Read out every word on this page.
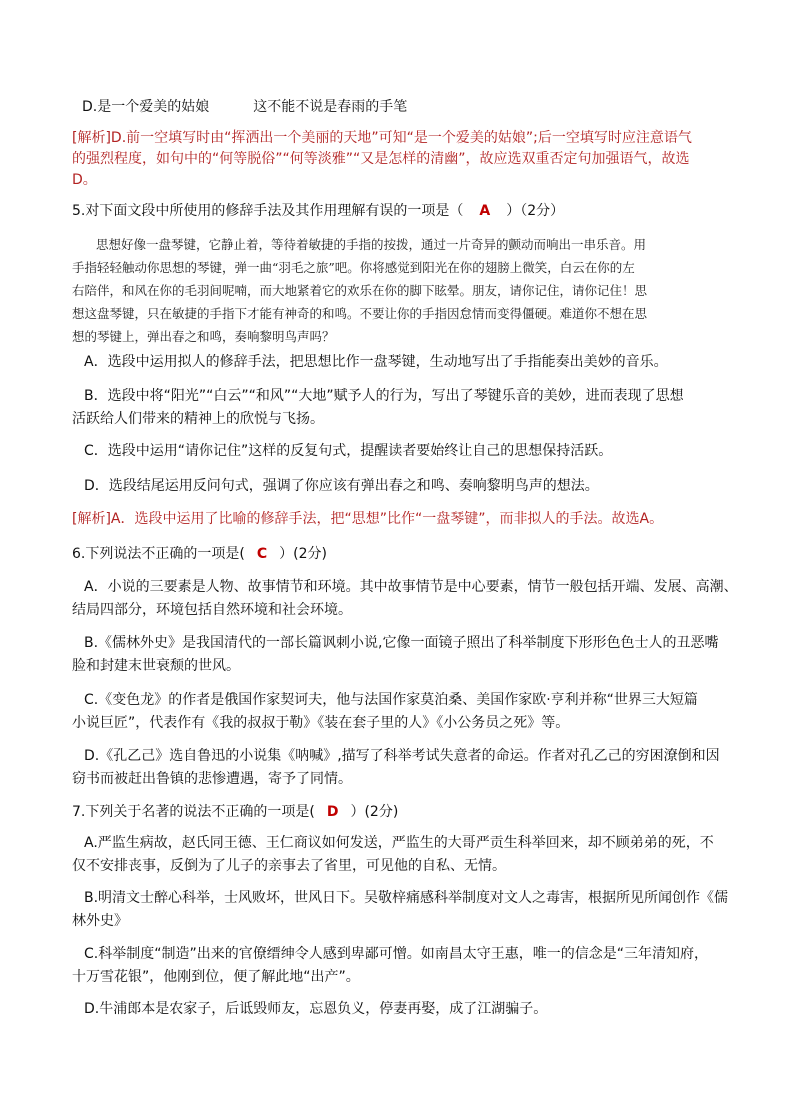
D.是一个爱美的姑娘	这不能不说是春雨的手笔
[解析]D.前一空填写时由“挥洒出一个美丽的天地”可知“是一个爱美的姑娘”;后一空填写时应注意语气
的强烈程度，如句中的“何等脱俗”“何等淡雅”“又是怎样的清幽”，故应选双重否定句加强语气，故选
D。
5.对下面文段中所使用的修辞手法及其作用理解有误的一项是（ A ）（2分）
思想好像一盘琴键，它静止着，等待着敏捷的手指的按拨，通过一片奇异的颤动而响出一串乐音。用
手指轻轻触动你思想的琴键，弹一曲“羽毛之旅”吧。你将感觉到阳光在你的翅膀上微笑，白云在你的左
右陪伴，和风在你的毛羽间呢喃，而大地紧着它的欢乐在你的脚下眩晕。朋友，请你记住，请你记住！思
想这盘琴键，只在敏捷的手指下才能有神奇的和鸣。不要让你的手指因怠情而变得僵硬。难道你不想在思
想的琴键上，弹出春之和鸣，奏响黎明鸟声吗？
A．选段中运用拟人的修辞手法，把思想比作一盘琴键，生动地写出了手指能奏出美妙的音乐。
B．选段中将“阳光”“白云”“和风”“大地”赋予人的行为，写出了琴键乐音的美妙，进而表现了思想
活跃给人们带来的精神上的欣悦与飞扬。
C．选段中运用“请你记住”这样的反复句式，提醒读者要始终让自己的思想保持活跃。
D．选段结尾运用反问句式，强调了你应该有弹出春之和鸣、奏响黎明鸟声的想法。
[解析]A．选段中运用了比喻的修辞手法，把“思想”比作“一盘琴键”，而非拟人的手法。故选A。
6.下列说法不正确的一项是( C ）(2分)
A．小说的三要素是人物、故事情节和环境。其中故事情节是中心要素，情节一般包括开端、发展、高潮、
结局四部分，环境包括自然环境和社会环境。
B.《儒林外史》是我国清代的一部长篇讽刺小说,它像一面镜子照出了科举制度下形形色色士人的丑恶嘴
脸和封建末世衰颓的世风。
C.《变色龙》的作者是俄国作家契诃夫，他与法国作家莫泊桑、美国作家欧·亨利并称“世界三大短篇
小说巨匠”，代表作有《我的叔叔于勒》《装在套子里的人》《小公务员之死》等。
D.《孔乙己》选自鲁迅的小说集《呐喊》,描写了科举考试失意者的命运。作者对孔乙己的穷困潦倒和因
窃书而被赶出鲁镇的悲惨遭遇，寄予了同情。
7.下列关于名著的说法不正确的一项是( D ）(2分)
A.严监生病故，赵氏同王德、王仁商议如何发送，严监生的大哥严贡生科举回来，却不顾弟弟的死，不
仅不安排丧事，反倒为了儿子的亲事去了省里，可见他的自私、无情。
B.明清文士醉心科举，士风败坏，世风日下。吴敬梓痛感科举制度对文人之毒害，根据所见所闻创作《儒
林外史》
C.科举制度“制造”出来的官僚缙绅令人感到卑鄙可憎。如南昌太守王惠，唯一的信念是“三年清知府，
十万雪花银”，他刚到位，便了解此地“出产”。
D.牛浦郎本是农家子，后诋毁师友，忘恩负义，停妻再娶，成了江湖骗子。
